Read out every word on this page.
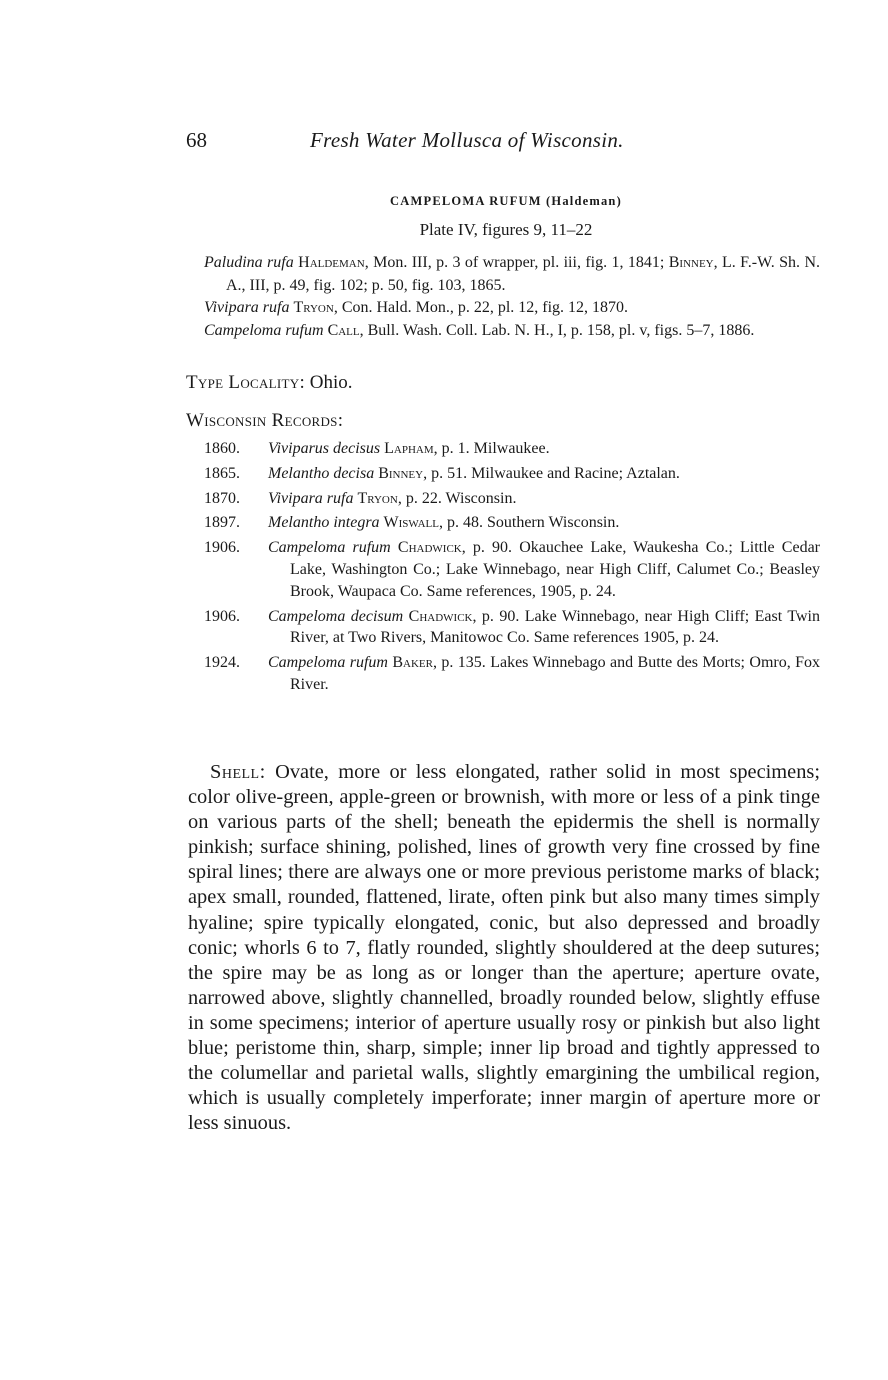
68	Fresh Water Mollusca of Wisconsin.
CAMPELOMA RUFUM (Haldeman)
Plate IV, figures 9, 11–22
Paludina rufa Haldeman, Mon. III, p. 3 of wrapper, pl. iii, fig. 1, 1841; Binney, L. F.-W. Sh. N. A., III, p. 49, fig. 102; p. 50, fig. 103, 1865.
Vivipara rufa Tryon, Con. Hald. Mon., p. 22, pl. 12, fig. 12, 1870.
Campeloma rufum Call, Bull. Wash. Coll. Lab. N. H., I, p. 158, pl. v, figs. 5–7, 1886.
Type Locality: Ohio.
Wisconsin Records:
1860.	Viviparus decisus Lapham, p. 1. Milwaukee.
1865.	Melantho decisa Binney, p. 51. Milwaukee and Racine; Aztalan.
1870.	Vivipara rufa Tryon, p. 22. Wisconsin.
1897.	Melantho integra Wiswall, p. 48. Southern Wisconsin.
1906.	Campeloma rufum Chadwick, p. 90. Okauchee Lake, Waukesha Co.; Little Cedar Lake, Washington Co.; Lake Winnebago, near High Cliff, Calumet Co.; Beasley Brook, Waupaca Co. Same references, 1905, p. 24.
1906.	Campeloma decisum Chadwick, p. 90. Lake Winnebago, near High Cliff; East Twin River, at Two Rivers, Manitowoc Co. Same references 1905, p. 24.
1924.	Campeloma rufum Baker, p. 135. Lakes Winnebago and Butte des Morts; Omro, Fox River.
Shell: Ovate, more or less elongated, rather solid in most specimens; color olive-green, apple-green or brownish, with more or less of a pink tinge on various parts of the shell; beneath the epidermis the shell is normally pinkish; surface shining, polished, lines of growth very fine crossed by fine spiral lines; there are always one or more previous peristome marks of black; apex small, rounded, flattened, lirate, often pink but also many times simply hyaline; spire typically elongated, conic, but also depressed and broadly conic; whorls 6 to 7, flatly rounded, slightly shouldered at the deep sutures; the spire may be as long as or longer than the aperture; aperture ovate, narrowed above, slightly channelled, broadly rounded below, slightly effuse in some specimens; interior of aperture usually rosy or pinkish but also light blue; peristome thin, sharp, simple; inner lip broad and tightly appressed to the columellar and parietal walls, slightly emargining the umbilical region, which is usually completely imperforate; inner margin of aperture more or less sinuous.
